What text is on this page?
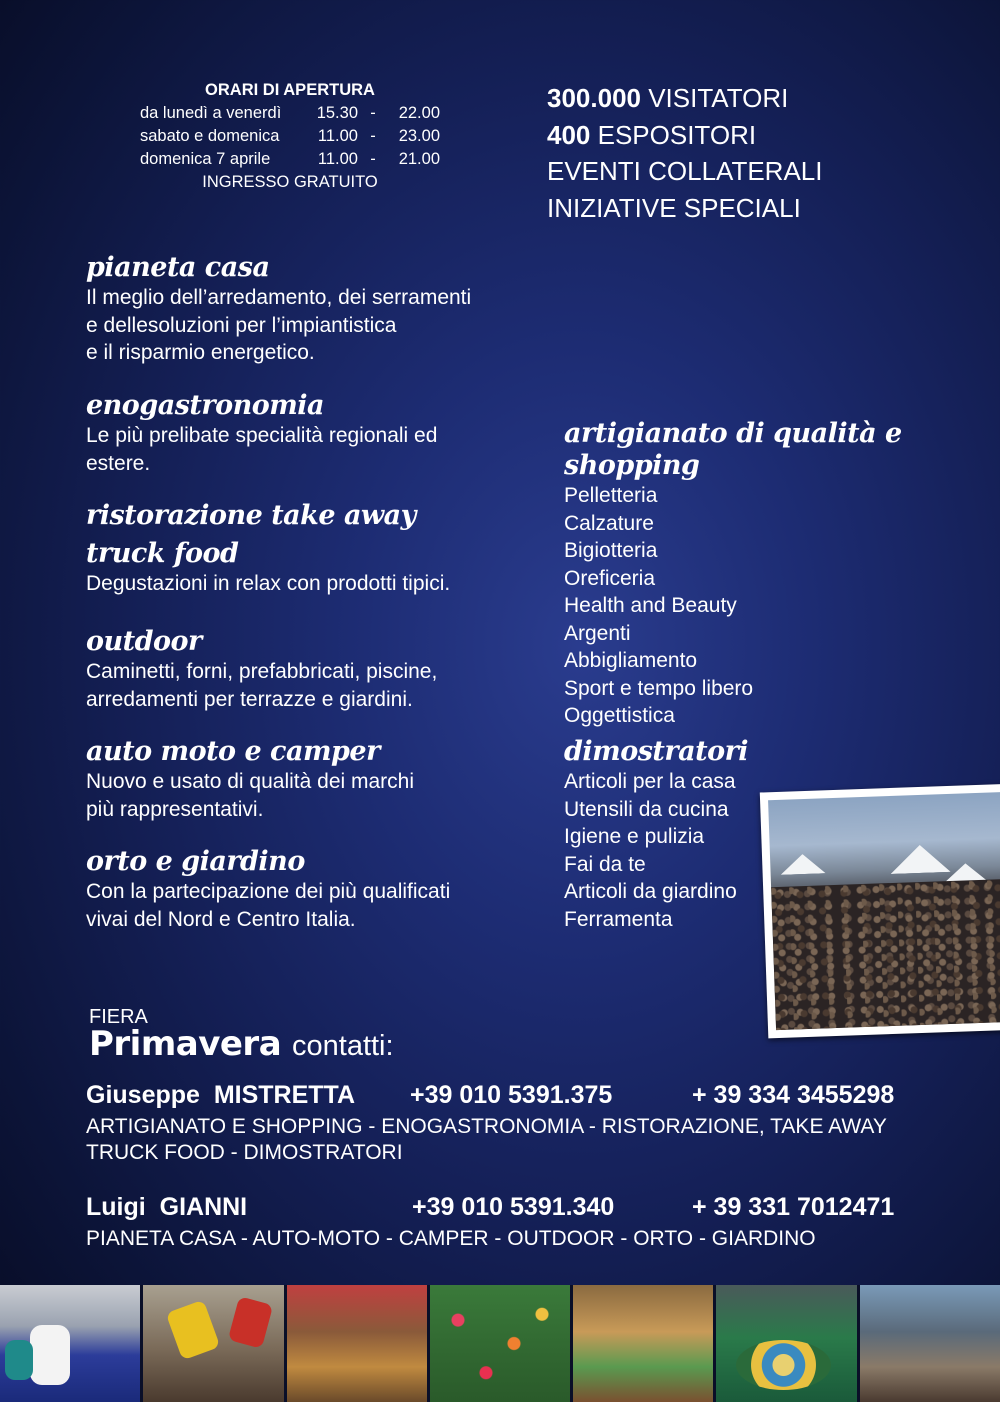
ORARI DI APERTURA
da lunedì a venerdì	15.30 -	22.00
sabato e domenica	11.00 -	23.00
domenica 7 aprile	11.00 -	21.00
INGRESSO GRATUITO
300.000 VISITATORI
400 ESPOSITORI
EVENTI COLLATERALI
INIZIATIVE SPECIALI
pianeta casa
Il meglio dell’arredamento, dei serramenti
e dellesoluzioni per l’impiantistica
e il risparmio energetico.
enogastronomia
Le più prelibate specialità regionali ed
estere.
ristorazione take away
truck food
Degustazioni in relax con prodotti tipici.
outdoor
Caminetti, forni, prefabbricati, piscine,
arredamenti per terrazze e giardini.
auto moto e camper
Nuovo e usato di qualità dei marchi
più rappresentativi.
orto e giardino
Con la partecipazione dei più qualificati
vivai del Nord e Centro Italia.
artigianato di qualità e shopping
Pelletteria
Calzature
Bigiotteria
Oreficeria
Health and Beauty
Argenti
Abbigliamento
Sport e tempo libero
Oggettistica
dimostratori
Articoli per la casa
Utensili da cucina
Igiene e pulizia
Fai da te
Articoli da giardino
Ferramenta
FIERA
Primavera contatti:
Giuseppe MISTRETTA +39 010 5391.375	+ 39 334 3455298
ARTIGIANATO E SHOPPING - ENOGASTRONOMIA - RISTORAZIONE, TAKE AWAY
TRUCK FOOD - DIMOSTRATORI
Luigi GIANNI	+39 010 5391.340	+ 39 331 7012471
PIANETA CASA - AUTO-MOTO - CAMPER - OUTDOOR - ORTO - GIARDINO
